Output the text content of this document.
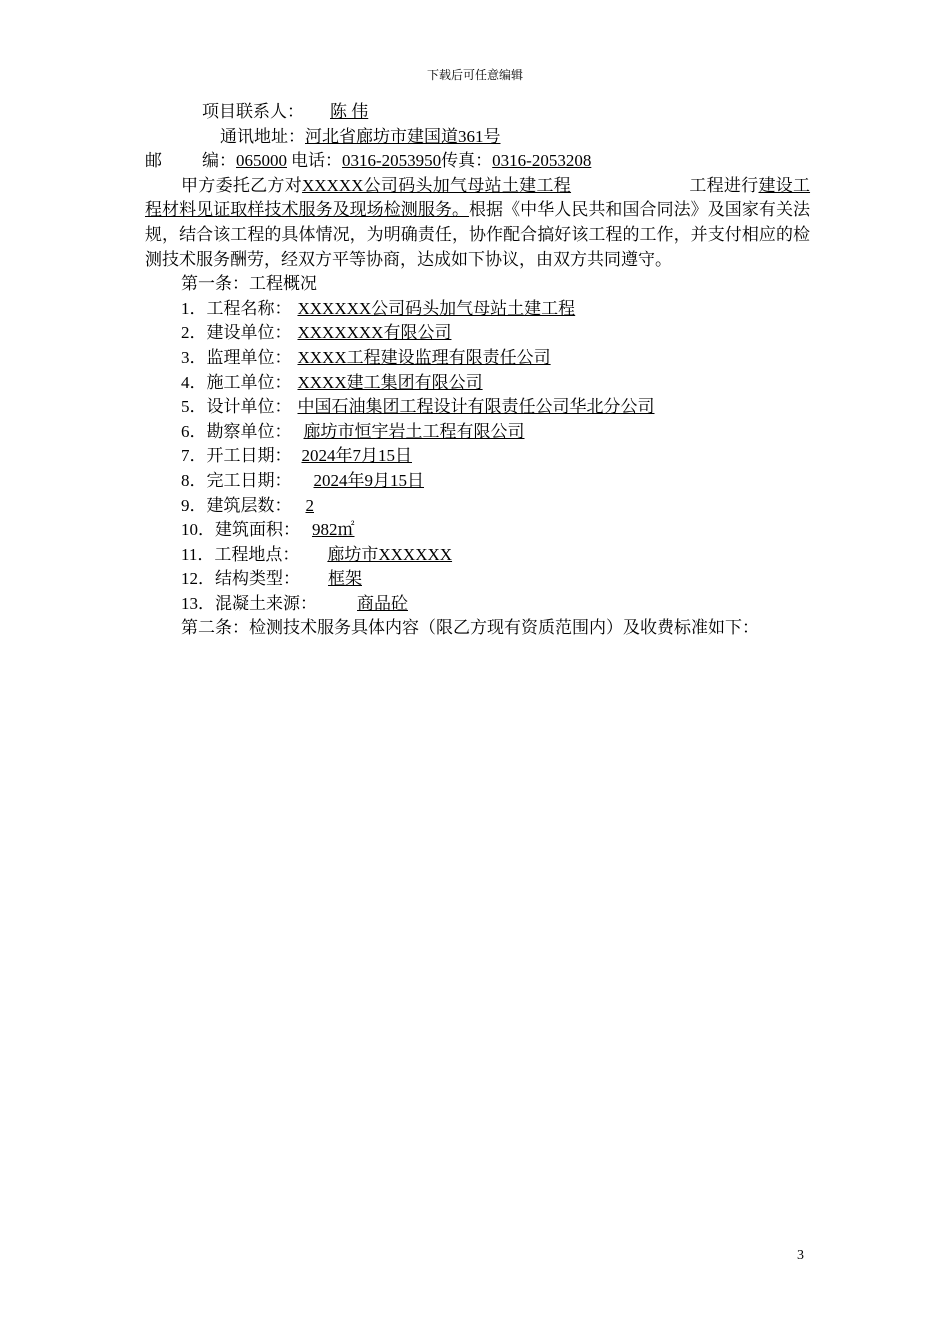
下载后可任意编辑
项目联系人： 陈 伟
通讯地址：河北省廊坊市建国道361号
邮 编：065000 电话：0316-2053950传真：0316-2053208
甲方委托乙方对XXXXX公司码头加气母站土建工程	工程进行建设工程材料见证取样技术服务及现场检测服务。根据《中华人民共和国合同法》及国家有关法规，结合该工程的具体情况，为明确责任，协作配合搞好该工程的工作，并支付相应的检测技术服务酬劳，经双方平等协商，达成如下协议，由双方共同遵守。
第一条：工程概况
1．工程名称： XXXXXX公司码头加气母站土建工程
2．建设单位： XXXXXXX有限公司
3．监理单位： XXXX工程建设监理有限责任公司
4．施工单位： XXXX建工集团有限公司
5．设计单位： 中国石油集团工程设计有限责任公司华北分公司
6．勘察单位： 廊坊市恒宇岩土工程有限公司
7．开工日期： 2024年7月15日
8．完工日期： 2024年9月15日
9．建筑层数： 2
10．建筑面积： 982㎡
11．工程地点： 廊坊市XXXXXX
12．结构类型： 框架
13．混凝土来源： 商品砼
第二条：检测技术服务具体内容（限乙方现有资质范围内）及收费标准如下：
3
